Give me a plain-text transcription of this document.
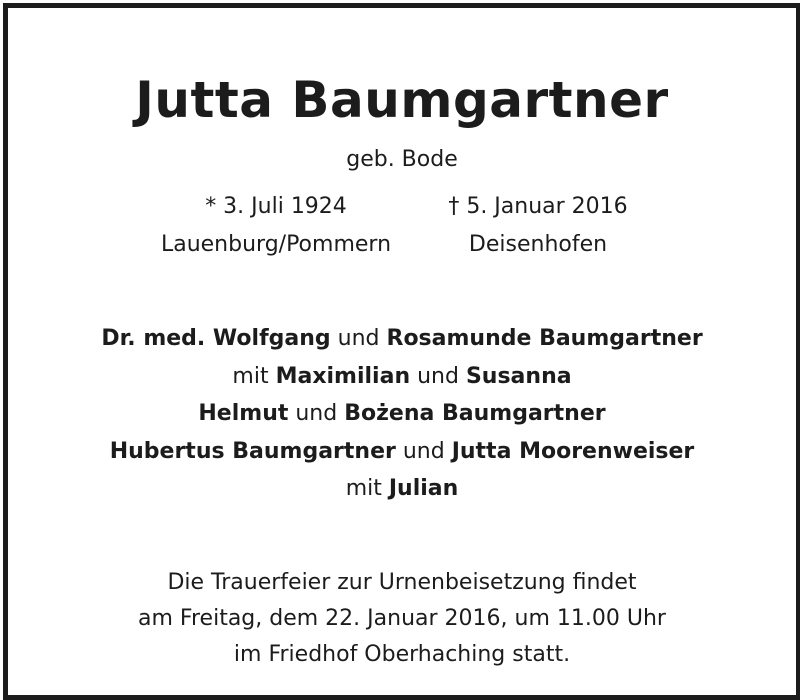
Jutta Baumgartner
geb. Bode
* 3. Juli 1924
Lauenburg/Pommern
† 5. Januar 2016
Deisenhofen
Dr. med. Wolfgang und Rosamunde Baumgartner
mit Maximilian und Susanna
Helmut und Bożena Baumgartner
Hubertus Baumgartner und Jutta Moorenweiser
mit Julian
Die Trauerfeier zur Urnenbeisetzung findet
am Freitag, dem 22. Januar 2016, um 11.00 Uhr
im Friedhof Oberhaching statt.
